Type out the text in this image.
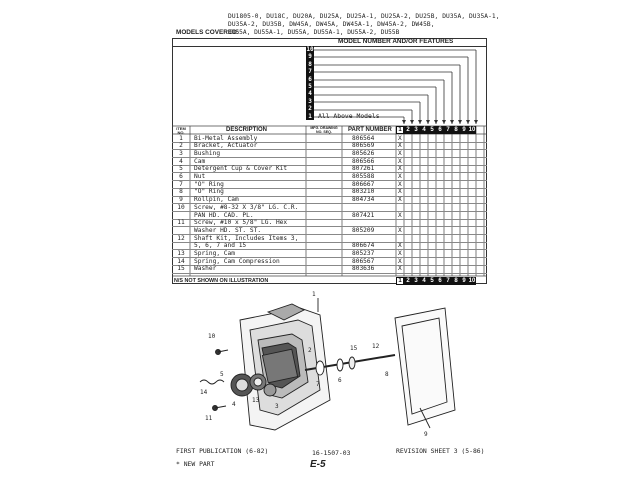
DU1805-0, DU18C, DU20A, DU25A, DU25A-1, DU25A-2, DU25B, DU35A, DU35A-1,
DU35A-2, DU35B, DW45A, DW45A, DW45A-1, DW45A-2, DW45B,
MODELS COVERED:
DU55A, DU55A-1, DU55A, DU55A-1, DU55A-2, DU55B
MODEL NUMBER AND/OR FEATURES
10
9
8
7
6
5
4
3
2
1 All Above Models
ITEM NO.	DESCRIPTION	MFG. DRAWING NO. SEQ.	PART NUMBER	1 2 3 4 5 6 7 8 9 10
1	Bi-Metal Assembly	806564	X
2	Bracket, Actuator	806569	X
3	Bushing	805626	X
4	Cam	806566	X
5	Detergent Cup & Cover Kit	807261	X
6	Nut	805588	X
7	"O" Ring	806667	X
8	"O" Ring	803210	X
9	Rollpin, Cam	804734	X
10	Screw, #8-32 X 3/8" LG. C.R.
PAN HD. CAD. PL.	807421	X
11	Screw, #10 x 5/8" LG. Hex
Washer HD. ST. ST.	805209	X
12	Shaft Kit, Includes Items 3,
5, 6, 7 and 15	806674	X
13	Spring, Cam	805237	X
14	Spring, Cam Compression	806567	X
15	Washer	803636	X
N/S NOT SHOWN ON ILLUSTRATION	1 2 3 4 5 6 7 8 9 10
10
5
14
4
13
3
11
1
2
7
6
15 12
8
9
FIRST PUBLICATION (6-82)	16-1507-03	REVISION SHEET 3 (5-86)
* NEW PART	E-5
